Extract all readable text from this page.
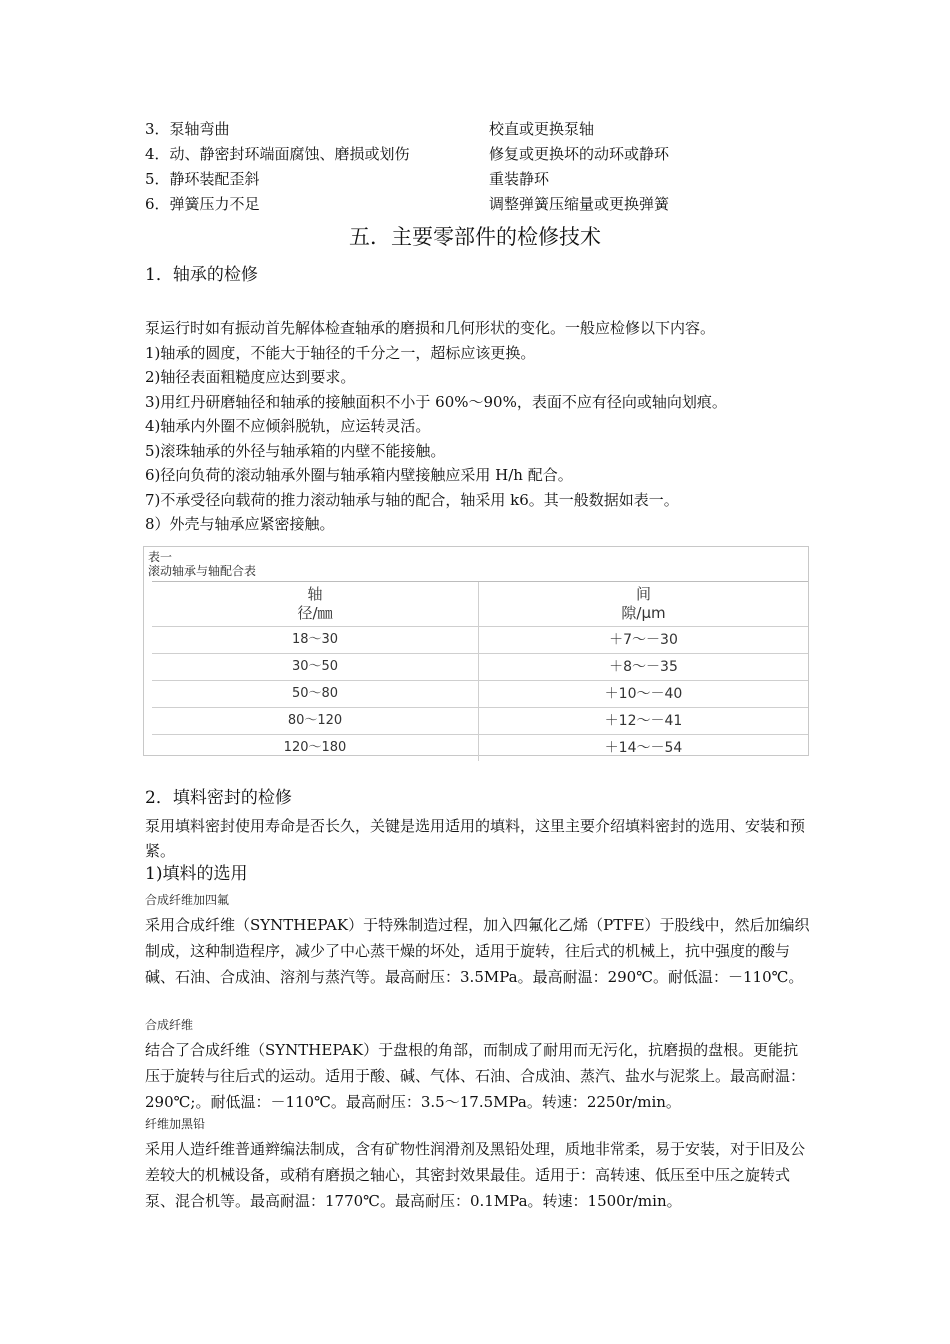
3．泵轴弯曲	校直或更换泵轴
4．动、静密封环端面腐蚀、磨损或划伤	修复或更换坏的动环或静环
5．静环装配歪斜	重装静环
6．弹簧压力不足	调整弹簧压缩量或更换弹簧
五．主要零部件的检修技术
1．轴承的检修

泵运行时如有振动首先解体检查轴承的磨损和几何形状的变化。一般应检修以下内容。

1)轴承的圆度，不能大于轴径的千分之一，超标应该更换。

2)轴径表面粗糙度应达到要求。

3)用红丹研磨轴径和轴承的接触面积不小于 60%～90%，表面不应有径向或轴向划痕。

4)轴承内外圈不应倾斜脱轨，应运转灵活。

5)滚珠轴承的外径与轴承箱的内壁不能接触。

6)径向负荷的滚动轴承外圈与轴承箱内壁接触应采用 H/h 配合。

7)不承受径向载荷的推力滚动轴承与轴的配合，轴采用 k6。其一般数据如表一。

8）外壳与轴承应紧密接触。

表一
滚动轴承与轴配合表
轴
径/㎜
间
隙/μm
18～30	＋7～－30
30～50	＋8～－35
50～80	＋10～－40
80～120	＋12～－41
120～180	＋14～－54
2．填料密封的检修
泵用填料密封使用寿命是否长久，关键是选用适用的填料，这里主要介绍填料密封的选用、安装和预紧。
1)填料的选用
合成纤维加四氟
采用合成纤维（SYNTHEPAK）于特殊制造过程，加入四氟化乙烯（PTFE）于股线中，然后加编织制成，这种制造程序，减少了中心蒸干燥的坏处，适用于旋转，往后式的机械上，抗中强度的酸与碱、石油、合成油、溶剂与蒸汽等。最高耐压：3.5MPa。最高耐温：290℃。耐低温：－110℃。
合成纤维
结合了合成纤维（SYNTHEPAK）于盘根的角部，而制成了耐用而无污化，抗磨损的盘根。更能抗压于旋转与往后式的运动。适用于酸、碱、气体、石油、合成油、蒸汽、盐水与泥浆上。最高耐温：290℃;。耐低温：－110℃。最高耐压：3.5～17.5MPa。转速：2250r/min。
纤维加黑铅
采用人造纤维普通辫编法制成，含有矿物性润滑剂及黑铅处理，质地非常柔，易于安装，对于旧及公差较大的机械设备，或稍有磨损之轴心，其密封效果最佳。适用于：高转速、低压至中压之旋转式泵、混合机等。最高耐温：1770℃。最高耐压：0.1MPa。转速：1500r/min。
